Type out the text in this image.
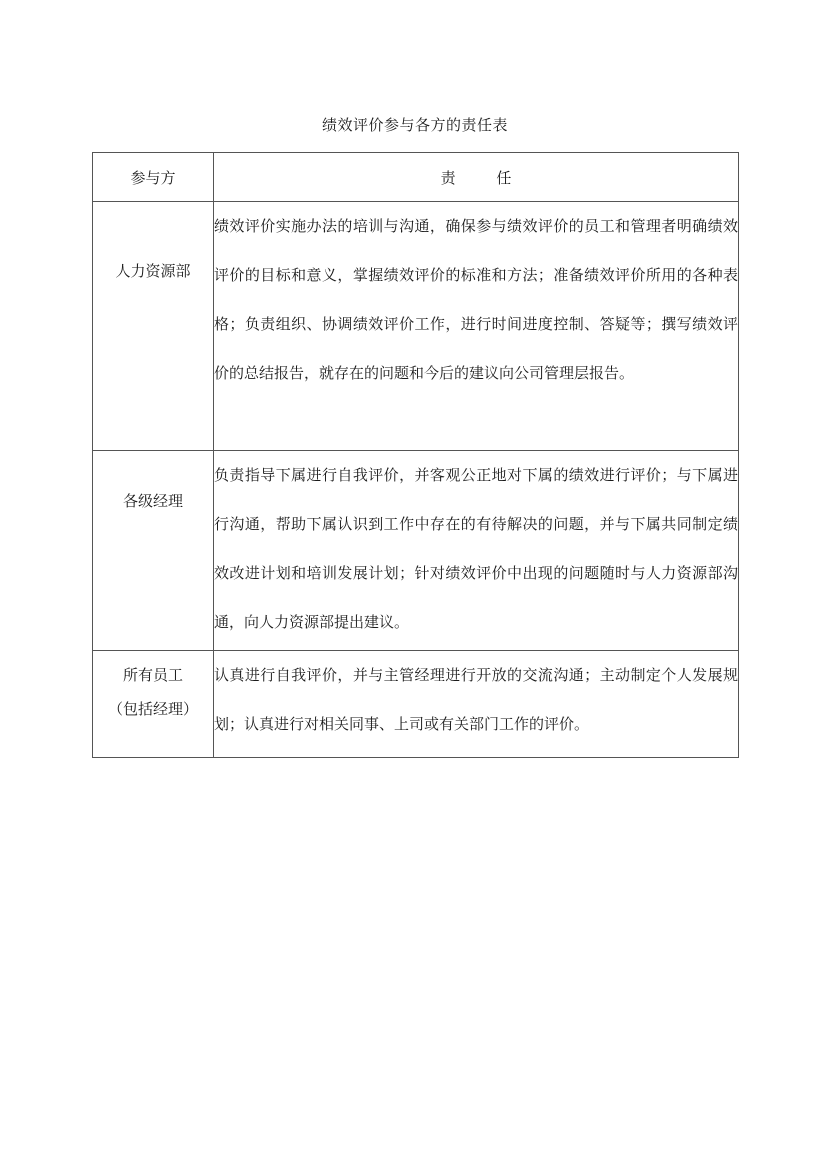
绩效评价参与各方的责任表
参与方	责 任

人力资源部	绩效评价实施办法的培训与沟通，确保参与绩效评价的员工和管理者明确绩效评价的目标和意义，掌握绩效评价的标准和方法；准备绩效评价所用的各种表格；负责组织、协调绩效评价工作，进行时间进度控制、答疑等；撰写绩效评价的总结报告，就存在的问题和今后的建议向公司管理层报告。

各级经理	负责指导下属进行自我评价，并客观公正地对下属的绩效进行评价；与下属进行沟通，帮助下属认识到工作中存在的有待解决的问题，并与下属共同制定绩效改进计划和培训发展计划；针对绩效评价中出现的问题随时与人力资源部沟通，向人力资源部提出建议。

所有员工
（包括经理）	认真进行自我评价，并与主管经理进行开放的交流沟通；主动制定个人发展规划；认真进行对相关同事、上司或有关部门工作的评价。
